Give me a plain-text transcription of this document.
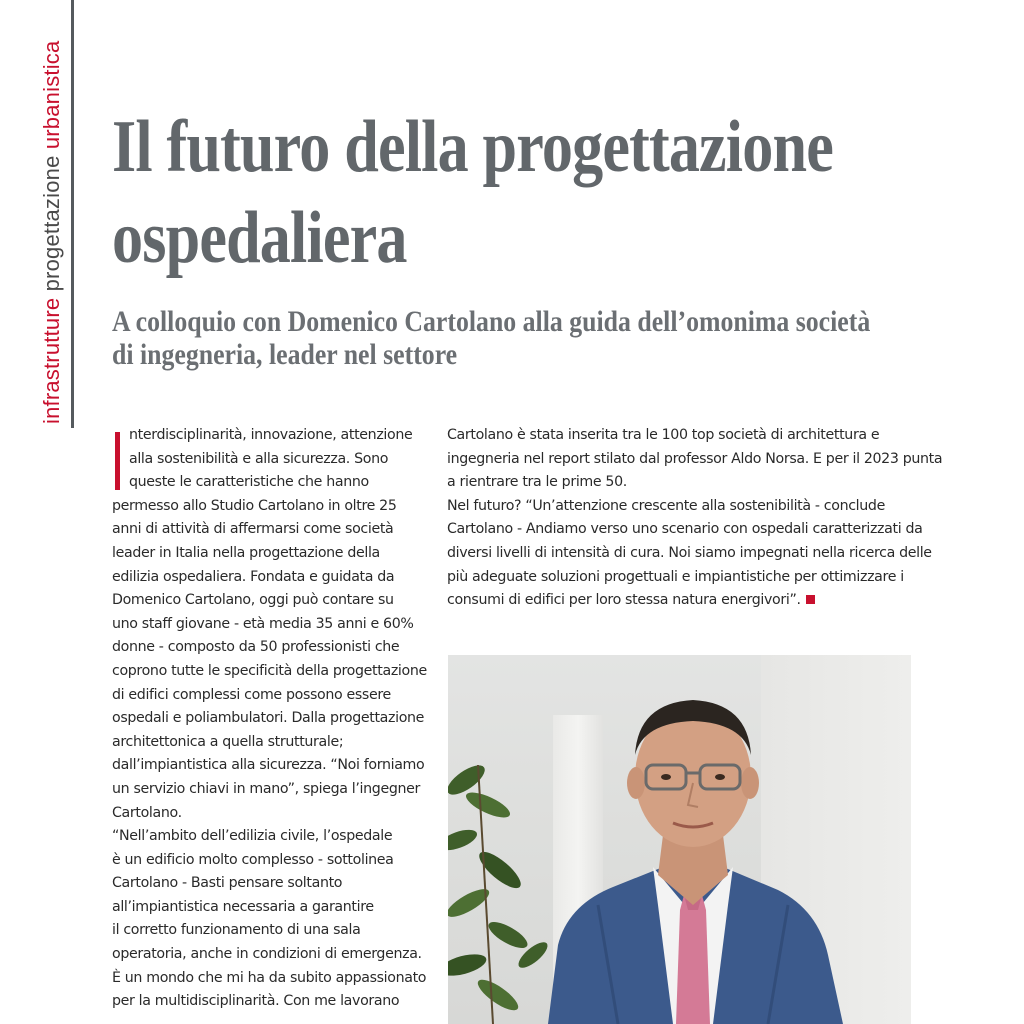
infrastrutture progettazione urbanistica Il futuro della progettazione
ospedaliera
A colloquio con Domenico Cartolano alla guida dell’omonima società
di ingegneria, leader nel settore
nterdisciplinarità, innovazione, attenzione
alla sostenibilità e alla sicurezza. Sono
queste le caratteristiche che hanno
permesso allo Studio Cartolano in oltre 25
anni di attività di affermarsi come società
leader in Italia nella progettazione della
edilizia ospedaliera. Fondata e guidata da
Domenico Cartolano, oggi può contare su
uno staff giovane - età media 35 anni e 60%
donne - composto da 50 professionisti che
coprono tutte le specificità della progettazione
di edifici complessi come possono essere
ospedali e poliambulatori. Dalla progettazione
architettonica a quella strutturale;
dall’impiantistica alla sicurezza. “Noi forniamo
un servizio chiavi in mano”, spiega l’ingegner
Cartolano.
“Nell’ambito dell’edilizia civile, l’ospedale
è un edificio molto complesso - sottolinea
Cartolano - Basti pensare soltanto
all’impiantistica necessaria a garantire
il corretto funzionamento di una sala
operatoria, anche in condizioni di emergenza.
È un mondo che mi ha da subito appassionato
per la multidisciplinarità. Con me lavorano
Cartolano è stata inserita tra le 100 top società di architettura e
ingegneria nel report stilato dal professor Aldo Norsa. E per il 2023 punta
a rientrare tra le prime 50.
Nel futuro? “Un’attenzione crescente alla sostenibilità - conclude
Cartolano - Andiamo verso uno scenario con ospedali caratterizzati da
diversi livelli di intensità di cura. Noi siamo impegnati nella ricerca delle
più adeguate soluzioni progettuali e impiantistiche per ottimizzare i
consumi di edifici per loro stessa natura energivori”.
